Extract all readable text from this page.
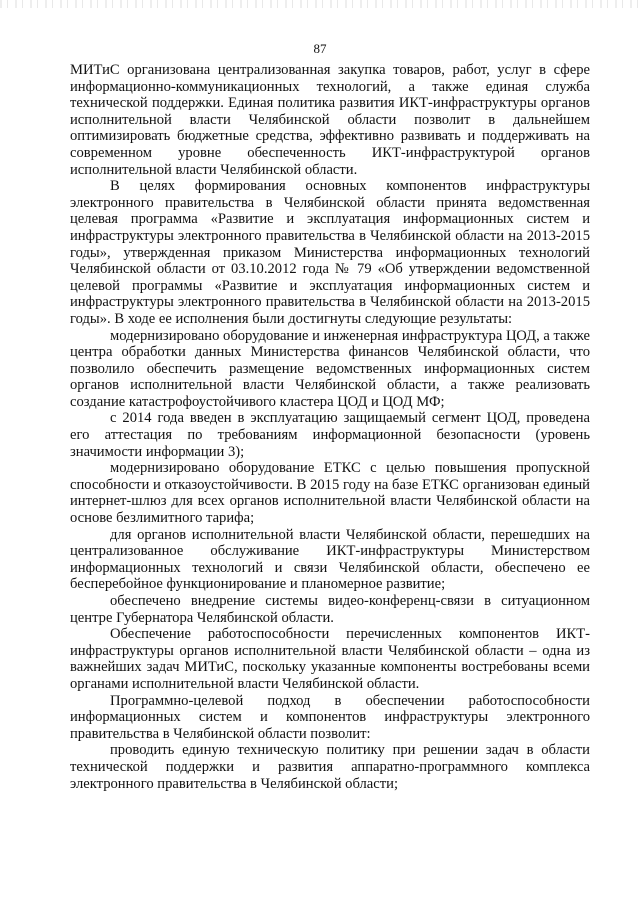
87

МИТиС организована централизованная закупка товаров, работ, услуг в сфере информационно-коммуникационных технологий, а также единая служба технической поддержки. Единая политика развития ИКТ-инфраструктуры органов исполнительной власти Челябинской области позволит в дальнейшем оптимизировать бюджетные средства, эффективно развивать и поддерживать на современном уровне обеспеченность ИКТ-инфраструктурой органов исполнительной власти Челябинской области.

В целях формирования основных компонентов инфраструктуры электронного правительства в Челябинской области принята ведомственная целевая программа «Развитие и эксплуатация информационных систем и инфраструктуры электронного правительства в Челябинской области на 2013-2015 годы», утвержденная приказом Министерства информационных технологий Челябинской области от 03.10.2012 года № 79 «Об утверждении ведомственной целевой программы «Развитие и эксплуатация информационных систем и инфраструктуры электронного правительства в Челябинской области на 2013-2015 годы». В ходе ее исполнения были достигнуты следующие результаты:

модернизировано оборудование и инженерная инфраструктура ЦОД, а также центра обработки данных Министерства финансов Челябинской области, что позволило обеспечить размещение ведомственных информационных систем органов исполнительной власти Челябинской области, а также реализовать создание катастрофоустойчивого кластера ЦОД и ЦОД МФ;

с 2014 года введен в эксплуатацию защищаемый сегмент ЦОД, проведена его аттестация по требованиям информационной безопасности (уровень значимости информации 3);

модернизировано оборудование ЕТКС с целью повышения пропускной способности и отказоустойчивости. В 2015 году на базе ЕТКС организован единый интернет-шлюз для всех органов исполнительной власти Челябинской области на основе безлимитного тарифа;

для органов исполнительной власти Челябинской области, перешедших на централизованное обслуживание ИКТ-инфраструктуры Министерством информационных технологий и связи Челябинской области, обеспечено ее бесперебойное функционирование и планомерное развитие;

обеспечено внедрение системы видео-конференц-связи в ситуационном центре Губернатора Челябинской области.

Обеспечение работоспособности перечисленных компонентов ИКТ-инфраструктуры органов исполнительной власти Челябинской области – одна из важнейших задач МИТиС, поскольку указанные компоненты востребованы всеми органами исполнительной власти Челябинской области.

Программно-целевой подход в обеспечении работоспособности информационных систем и компонентов инфраструктуры электронного правительства в Челябинской области позволит:

проводить единую техническую политику при решении задач в области технической поддержки и развития аппаратно-программного комплекса электронного правительства в Челябинской области;
